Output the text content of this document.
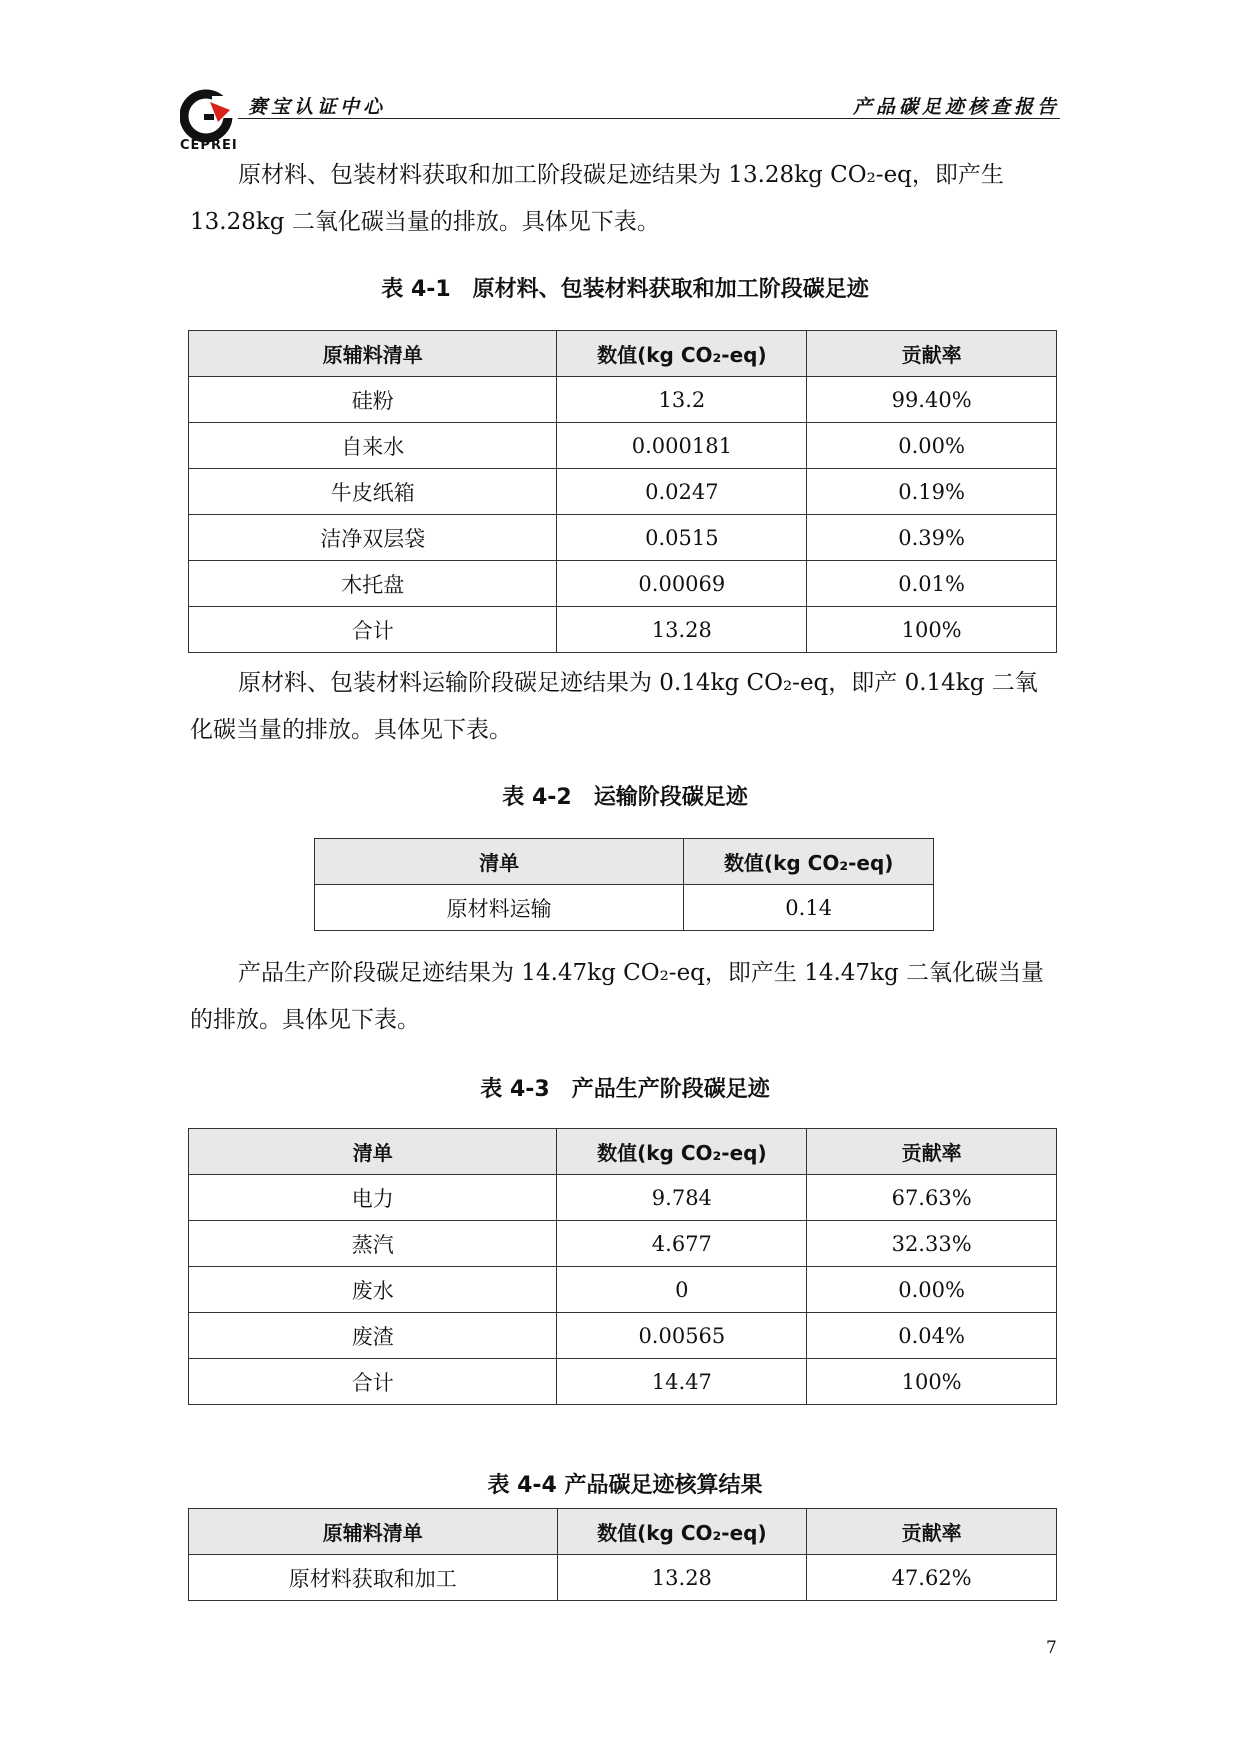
CEPREI
赛宝认证中心	产品碳足迹核查报告
原材料、包装材料获取和加工阶段碳足迹结果为 13.28kg CO₂-eq，即产生 13.28kg 二氧化碳当量的排放。具体见下表。
表 4-1　原材料、包装材料获取和加工阶段碳足迹
原辅料清单	数值(kg CO₂-eq)	贡献率
硅粉	13.2	99.40%
自来水	0.000181	0.00%
牛皮纸箱	0.0247	0.19%
洁净双层袋	0.0515	0.39%
木托盘	0.00069	0.01%
合计	13.28	100%
原材料、包装材料运输阶段碳足迹结果为 0.14kg CO₂-eq，即产 0.14kg 二氧化碳当量的排放。具体见下表。
表 4-2　运输阶段碳足迹
清单	数值(kg CO₂-eq)
原材料运输	0.14
产品生产阶段碳足迹结果为 14.47kg CO₂-eq，即产生 14.47kg 二氧化碳当量的排放。具体见下表。
表 4-3　产品生产阶段碳足迹
清单	数值(kg CO₂-eq)	贡献率
电力	9.784	67.63%
蒸汽	4.677	32.33%
废水	0	0.00%
废渣	0.00565	0.04%
合计	14.47	100%
表 4-4 产品碳足迹核算结果
原辅料清单	数值(kg CO₂-eq)	贡献率
原材料获取和加工	13.28	47.62%
7
